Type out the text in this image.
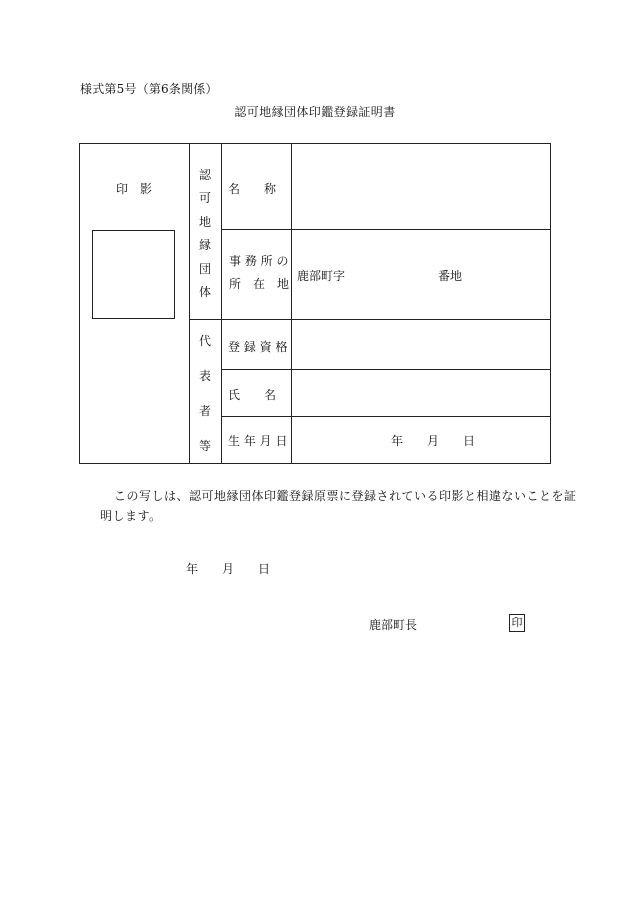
様式第5号（第6条関係）
認可地縁団体印鑑登録証明書
印　影
認
可
地
縁
団
体
代
表
者
等
名　　称
事 務 所 の
所　在　地
登 録 資 格
氏　　名
生 年 月 日
鹿部町字	番地
年　　月　　日
この写しは、認可地縁団体印鑑登録原票に登録されている印影と相違ないことを証
明します。
年　　月　　日
鹿部町長	印
